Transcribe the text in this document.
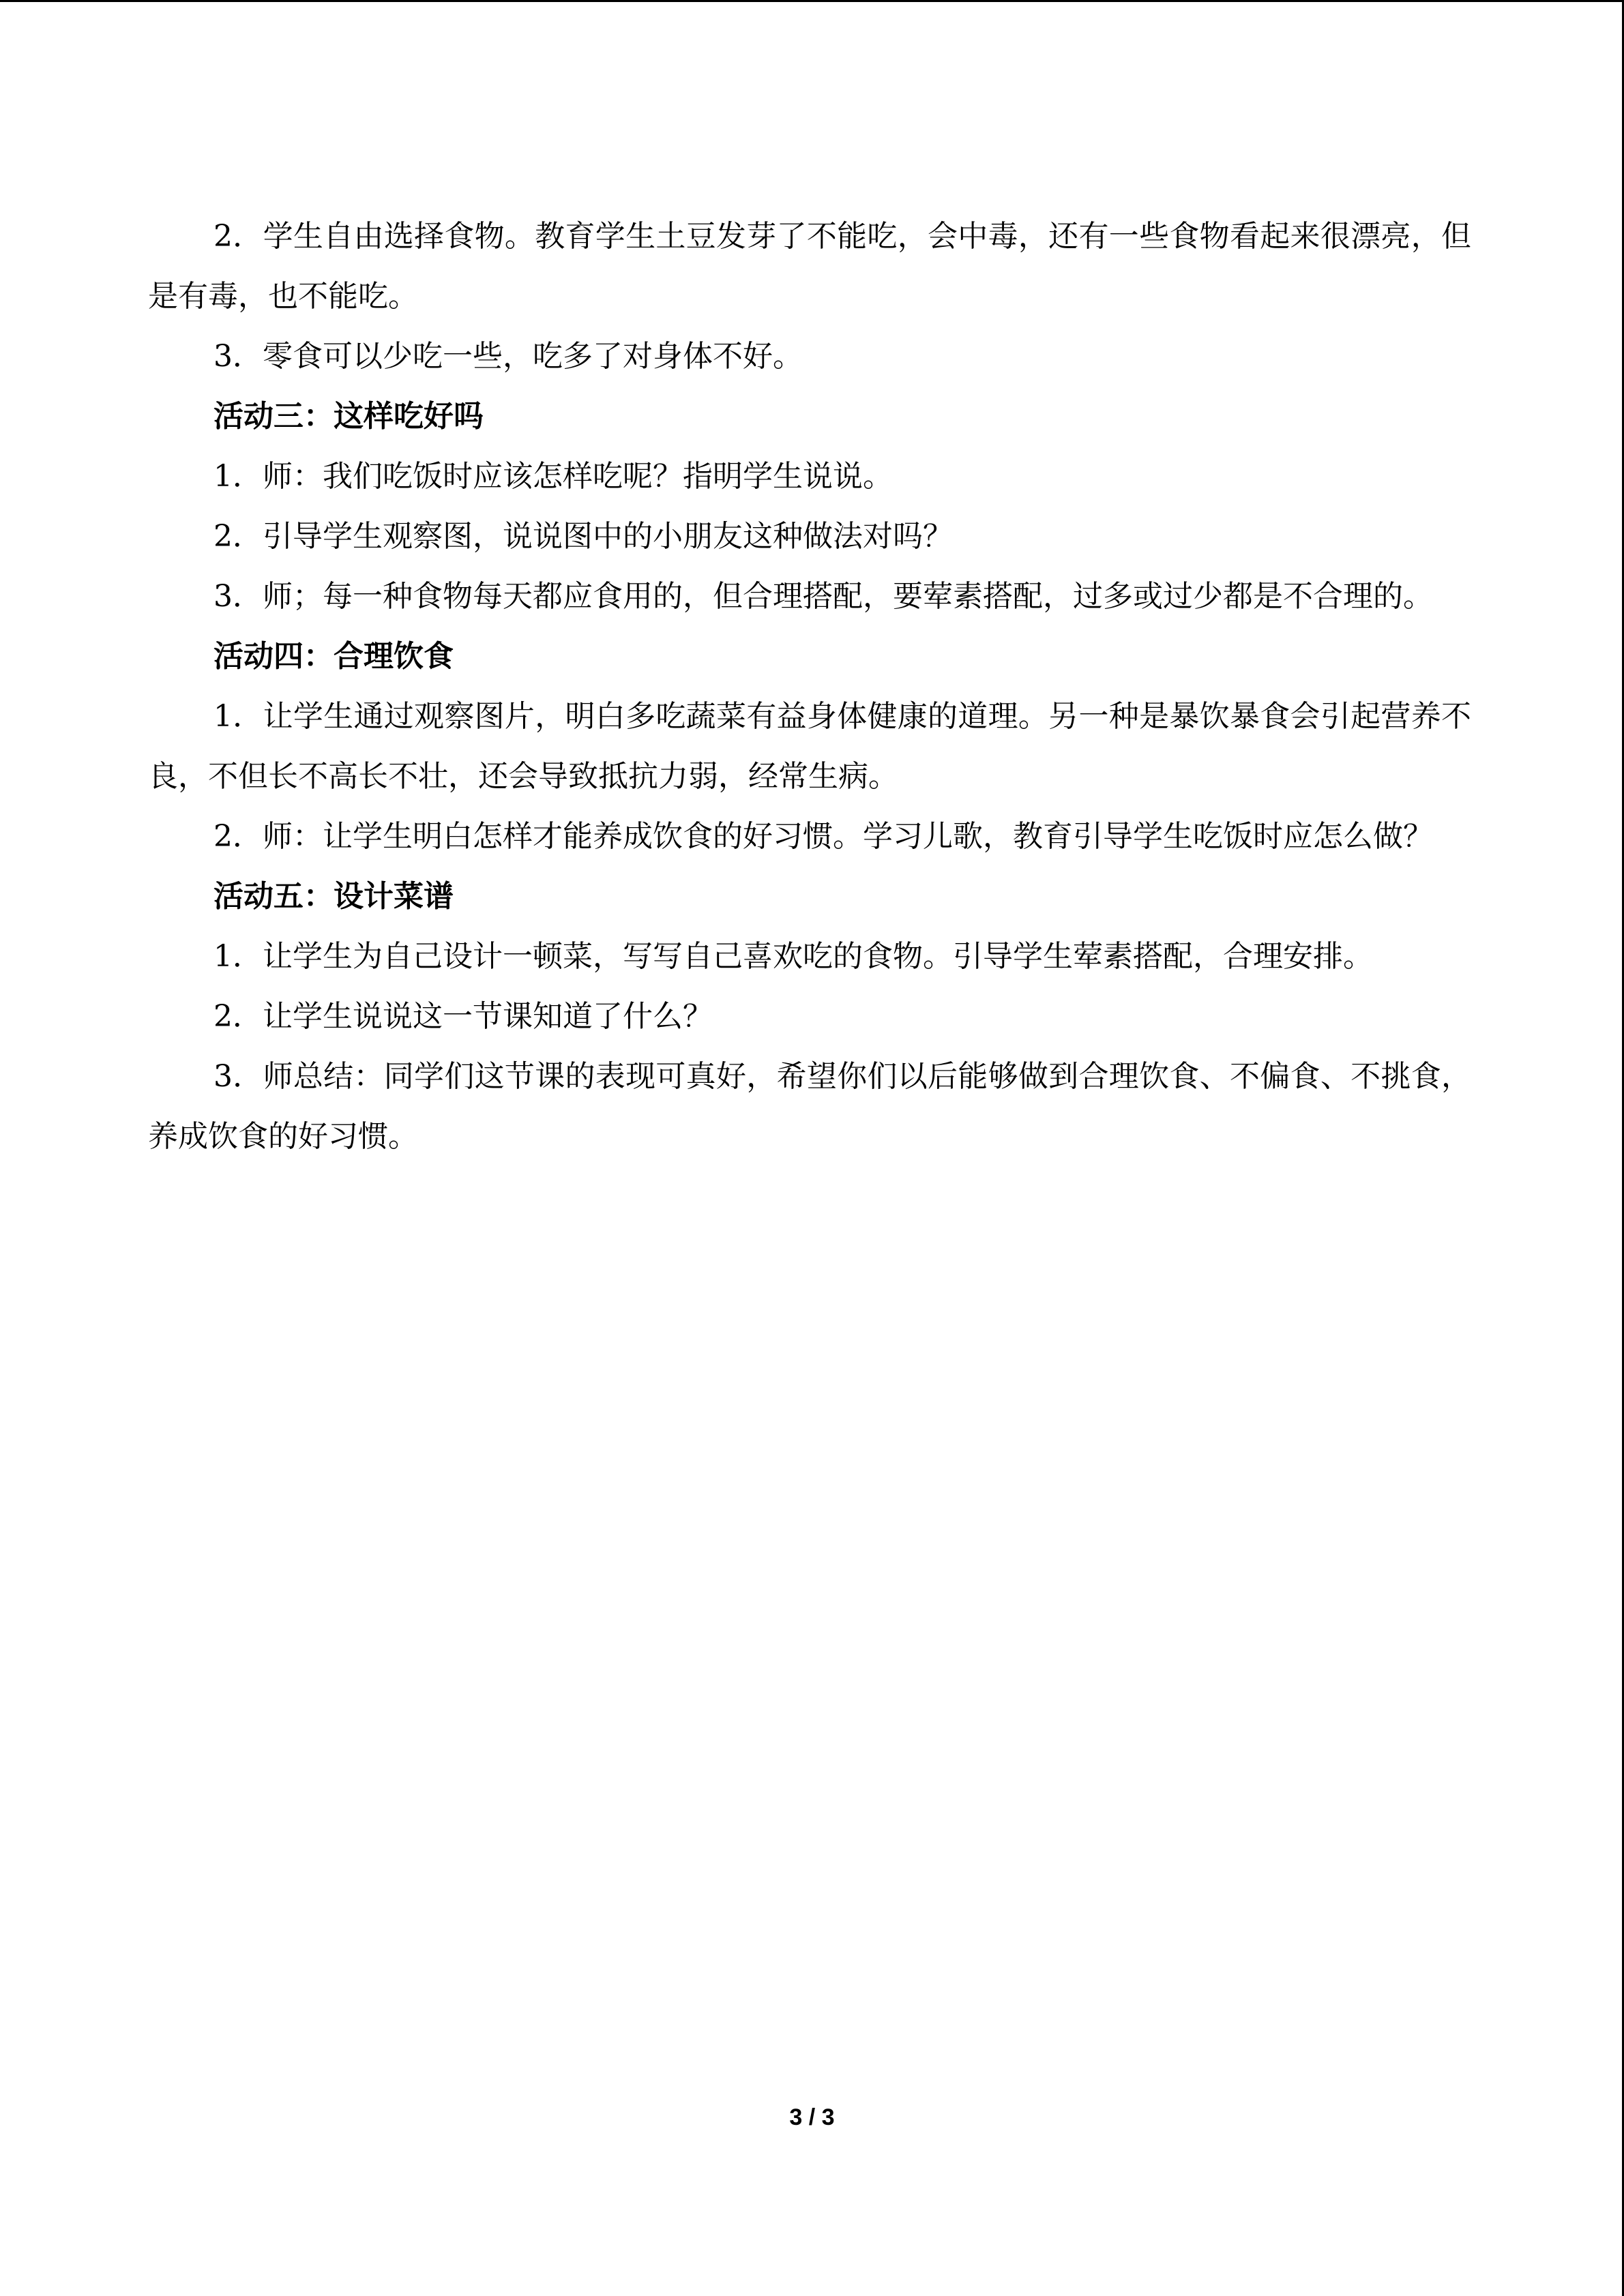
2．学生自由选择食物。教育学生土豆发芽了不能吃，会中毒，还有一些食物看起来很漂亮，但是有毒，也不能吃。

3．零食可以少吃一些，吃多了对身体不好。

活动三：这样吃好吗

1．师：我们吃饭时应该怎样吃呢？指明学生说说。

2．引导学生观察图，说说图中的小朋友这种做法对吗？

3．师；每一种食物每天都应食用的，但合理搭配，要荤素搭配，过多或过少都是不合理的。

活动四：合理饮食

1．让学生通过观察图片，明白多吃蔬菜有益身体健康的道理。另一种是暴饮暴食会引起营养不良，不但长不高长不壮，还会导致抵抗力弱，经常生病。

2．师：让学生明白怎样才能养成饮食的好习惯。学习儿歌，教育引导学生吃饭时应怎么做？

活动五：设计菜谱

1．让学生为自己设计一顿菜，写写自己喜欢吃的食物。引导学生荤素搭配，合理安排。

2．让学生说说这一节课知道了什么？

3．师总结：同学们这节课的表现可真好，希望你们以后能够做到合理饮食、不偏食、不挑食，养成饮食的好习惯。

3 / 3
